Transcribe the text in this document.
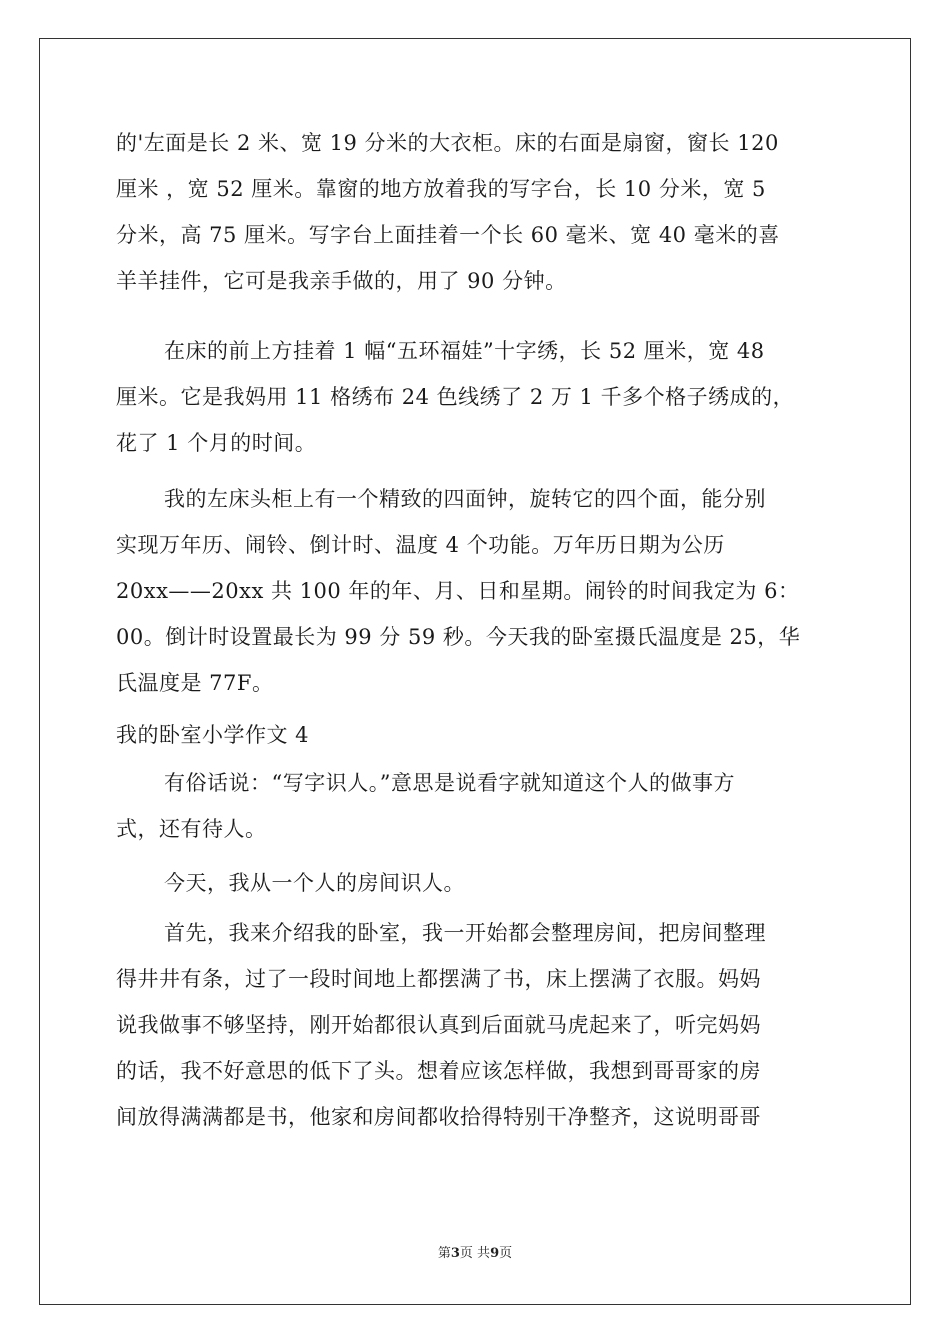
的'左面是长 2 米、宽 19 分米的大衣柜。床的右面是扇窗，窗长 120
厘米 ，宽 52 厘米。靠窗的地方放着我的写字台，长 10 分米，宽 5
分米，高 75 厘米。写字台上面挂着一个长 60 毫米、宽 40 毫米的喜
羊羊挂件，它可是我亲手做的，用了 90 分钟。
在床的前上方挂着 1 幅“五环福娃”十字绣，长 52 厘米，宽 48
厘米。它是我妈用 11 格绣布 24 色线绣了 2 万 1 千多个格子绣成的，
花了 1 个月的时间。
我的左床头柜上有一个精致的四面钟，旋转它的四个面，能分别
实现万年历、闹铃、倒计时、温度 4 个功能。万年历日期为公历
20xx——20xx 共 100 年的年、月、日和星期。闹铃的时间我定为 6：
00。倒计时设置最长为 99 分 59 秒。今天我的卧室摄氏温度是 25，华
氏温度是 77F。
我的卧室小学作文 4
有俗话说：“写字识人。”意思是说看字就知道这个人的做事方
式，还有待人。
今天，我从一个人的房间识人。
首先，我来介绍我的卧室，我一开始都会整理房间，把房间整理
得井井有条，过了一段时间地上都摆满了书，床上摆满了衣服。妈妈
说我做事不够坚持，刚开始都很认真到后面就马虎起来了，听完妈妈
的话，我不好意思的低下了头。想着应该怎样做，我想到哥哥家的房
间放得满满都是书，他家和房间都收拾得特别干净整齐，这说明哥哥
第3页 共9页
